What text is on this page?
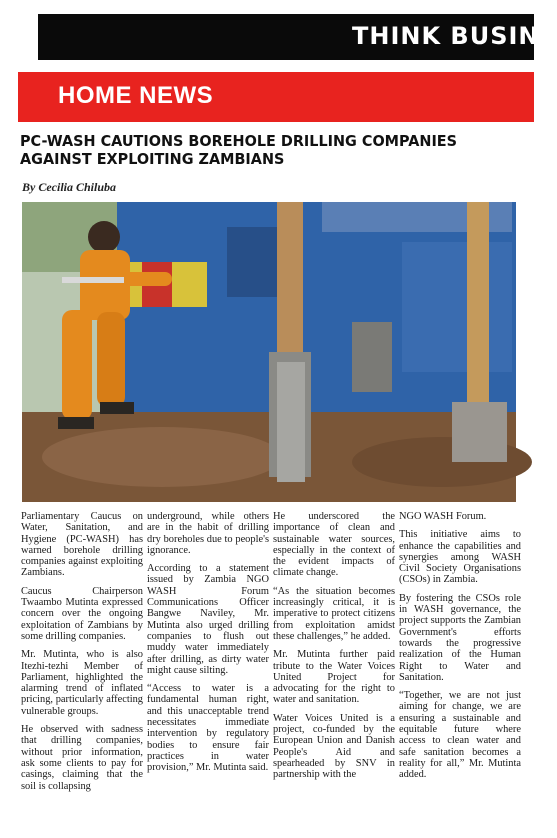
THINK BUSINE
HOME NEWS
PC-WASH CAUTIONS BOREHOLE DRILLING COMPANIES AGAINST EXPLOITING ZAMBIANS
By Cecilia Chiluba

Parliamentary Caucus on Water, Sanitation, and Hygiene (PC-WASH) has warned borehole drilling companies against exploiting Zambians.

Caucus Chairperson Twaambo Mutinta expressed concern over the ongoing exploitation of Zambians by some drilling companies.

Mr. Mutinta, who is also Itezhi-tezhi Member of Parliament, highlighted the alarming trend of inflated pricing, particularly affecting vulnerable groups.

He observed with sadness that drilling companies, without prior information, ask some clients to pay for casings, claiming that the soil is collapsing

underground, while others are in the habit of drilling dry boreholes due to people's ignorance.

According to a statement issued by Zambia NGO WASH Forum Communications Officer Bangwe Naviley, Mr. Mutinta also urged drilling companies to flush out muddy water immediately after drilling, as dirty water might cause silting.

“Access to water is a fundamental human right, and this unacceptable trend necessitates immediate intervention by regulatory bodies to ensure fair practices in water provision,” Mr. Mutinta said.

He underscored the importance of clean and sustainable water sources, especially in the context of the evident impacts of climate change.

“As the situation becomes increasingly critical, it is imperative to protect citizens from exploitation amidst these challenges,” he added.

Mr. Mutinta further paid tribute to the Water Voices United Project for advocating for the right to water and sanitation.

Water Voices United is a project, co-funded by the European Union and Danish People's Aid and spearheaded by SNV in partnership with the

NGO WASH Forum.

This initiative aims to enhance the capabilities and synergies among WASH Civil Society Organisations (CSOs) in Zambia.

By fostering the CSOs role in WASH governance, the project supports the Zambian Government's efforts towards the progressive realization of the Human Right to Water and Sanitation.

“Together, we are not just aiming for change, we are ensuring a sustainable and equitable future where access to clean water and safe sanitation becomes a reality for all,” Mr. Mutinta added.
